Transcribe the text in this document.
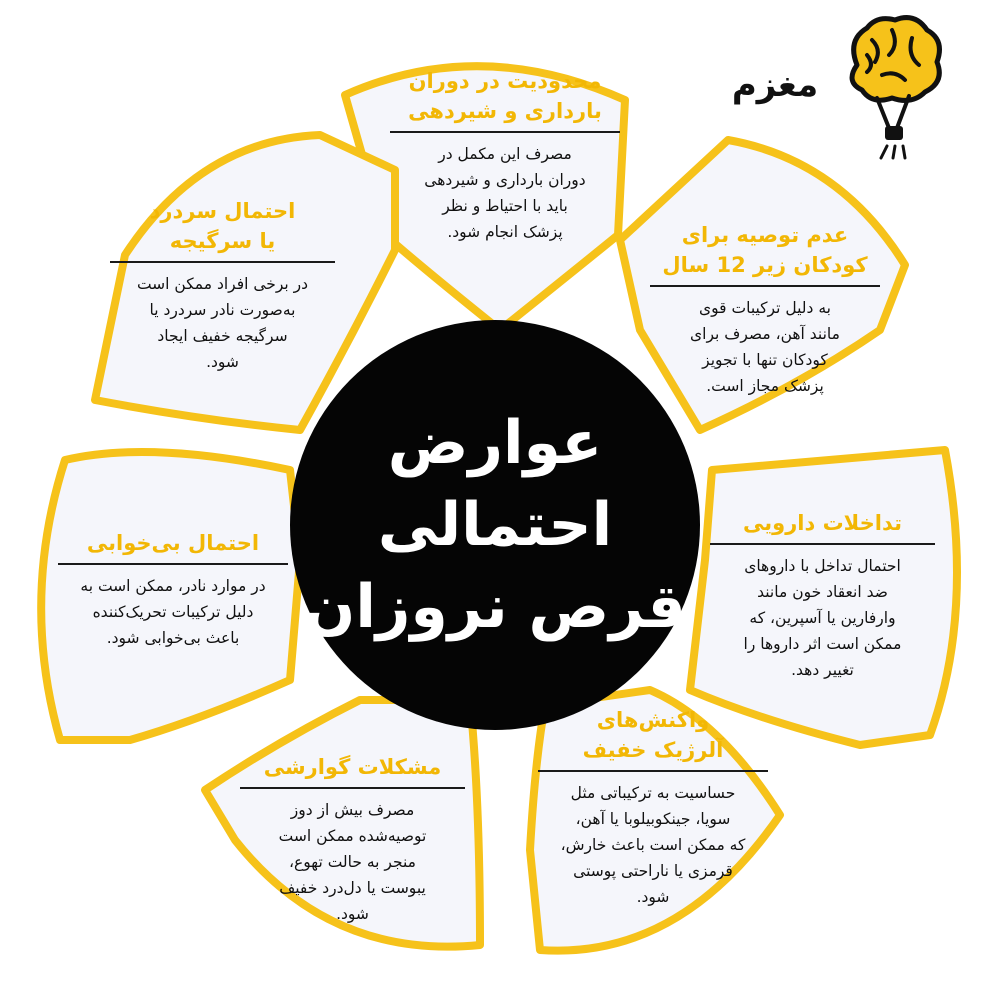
محدودیت در دوران
بارداری و شیردهی
مصرف این مکمل در
دوران بارداری و شیردهی
باید با احتیاط و نظر
پزشک انجام شود.	عدم توصیه برای
کودکان زیر 12 سال
به دلیل ترکیبات قوی
مانند آهن، مصرف برای
کودکان تنها با تجویز
پزشک مجاز است.
تداخلات دارویی
احتمال تداخل با داروهای
ضد انعقاد خون مانند
وارفارین یا آسپرین، که
ممکن است اثر داروها را
تغییر دهد.
واکنش‌های
آلرژیک خفیف
حساسیت به ترکیباتی مثل
سویا، جینکوبیلوبا یا آهن،
که ممکن است باعث خارش،
قرمزی یا ناراحتی پوستی
شود.
مشکلات گوارشی
مصرف بیش از دوز
توصیه‌شده ممکن است
منجر به حالت تهوع،
یبوست یا دل‌درد خفیف
شود.
احتمال بی‌خوابی
در موارد نادر، ممکن است به
دلیل ترکیبات تحریک‌کننده
باعث بی‌خوابی شود.
احتمال سردرد
یا سرگیجه
در برخی افراد ممکن است
به‌صورت نادر سردرد یا
سرگیجه خفیف ایجاد
شود.
عوارض
احتمالی
قرص نروزان
مغزم
